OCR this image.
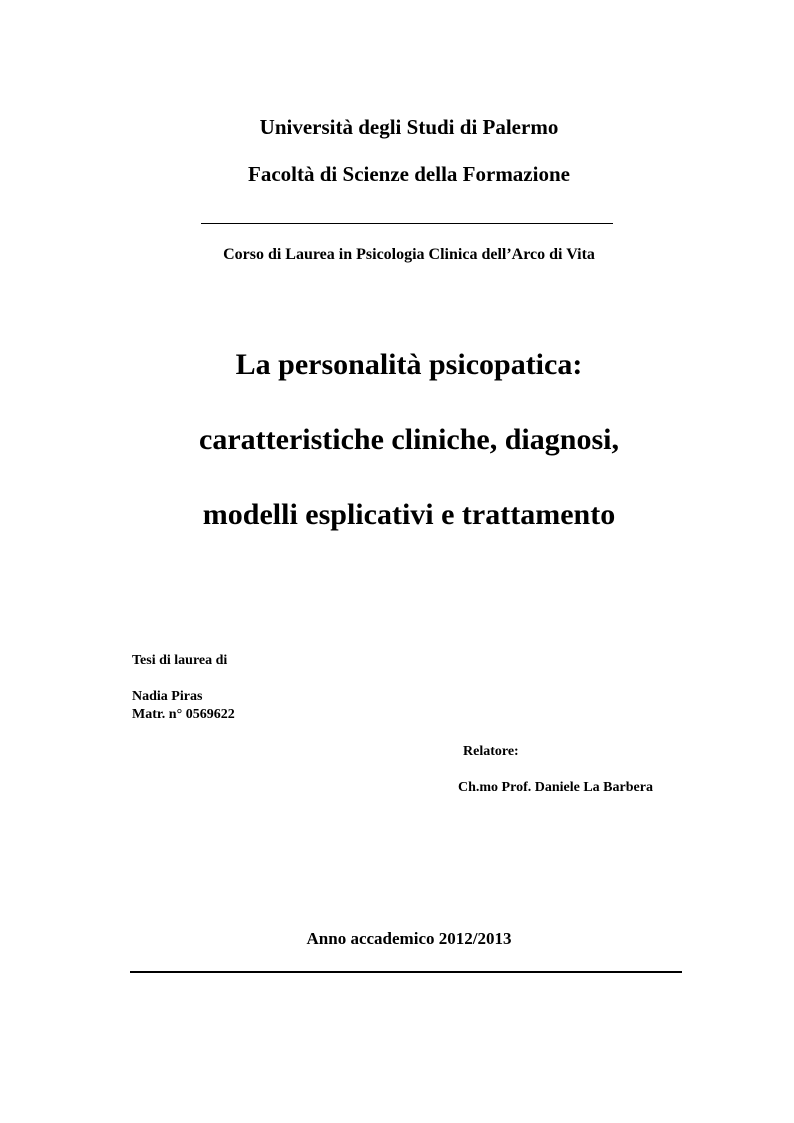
Università degli Studi di Palermo
Facoltà di Scienze della Formazione
Corso di Laurea in Psicologia Clinica dell’Arco di Vita
La personalità psicopatica:
caratteristiche cliniche, diagnosi,
modelli esplicativi e trattamento
Tesi di laurea di
Nadia Piras
Matr. n° 0569622
Relatore:
Ch.mo Prof. Daniele La Barbera
Anno accademico 2012/2013
